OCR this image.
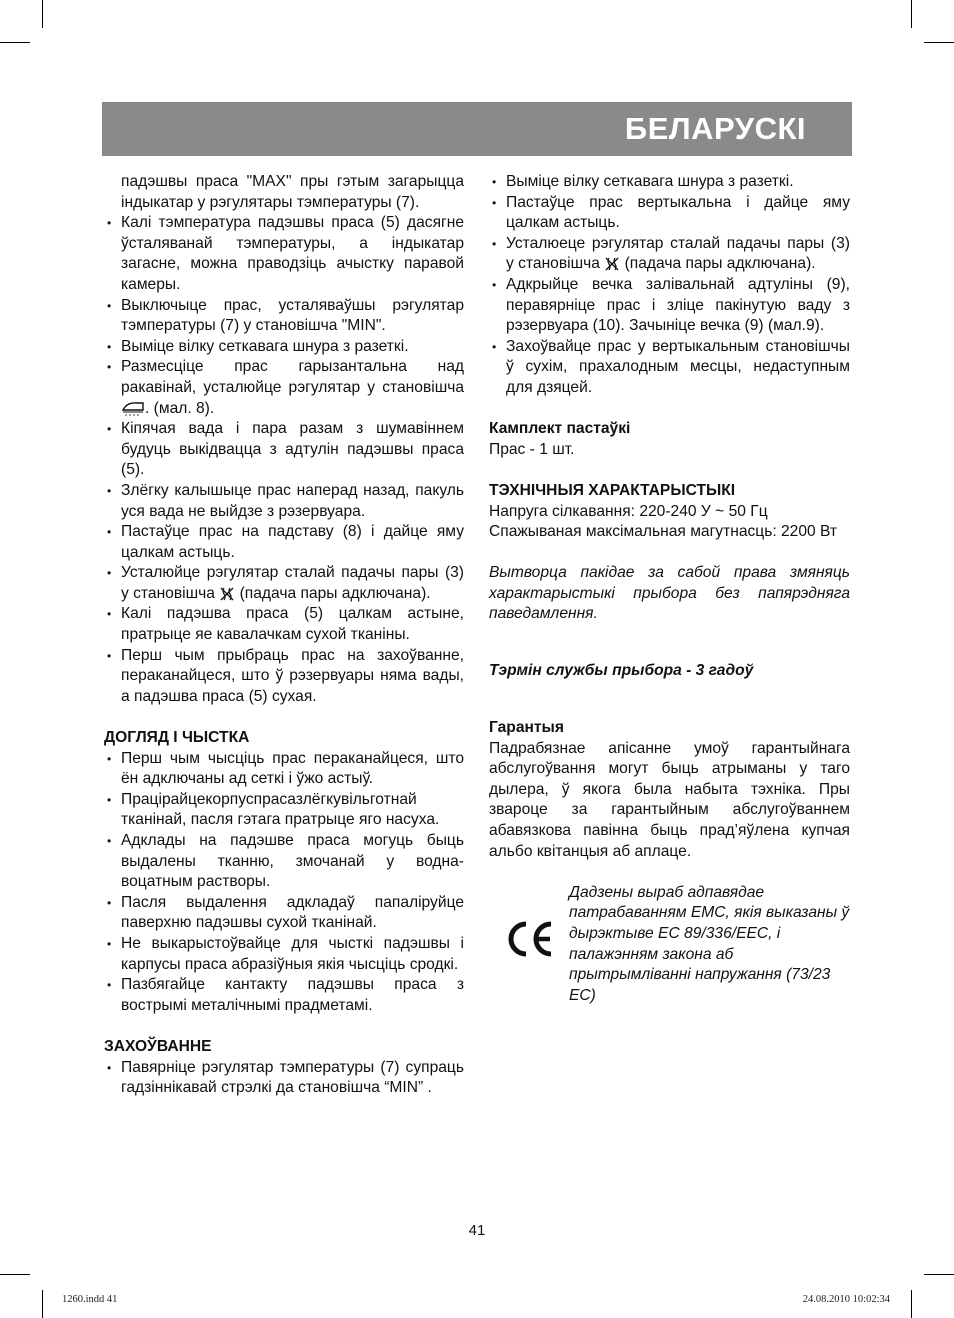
БЕЛАРУСКІ

падэшвы праса "MAX" пры гэтым загарыцца індыкатар у рэгулятары тэмпературы (7).

• Калі тэмпература падэшвы праса (5) дасягне ўсталяванай тэмпературы, а індыкатар загасне, можна праводзіць ачыстку паравой камеры.
• Выключыце прас, усталяваўшы рэгулятар тэмпературы (7) у становішча "MIN".
• Выміце вілку сеткавага шнура з разеткі.
• Размесціце прас гарызантальна над ракавінай, усталюйце рэгулятар у становішча . (мал. 8).
• Кіпячая вада і пара разам з шумавіннем будуць выкідвацца з адтулін падэшвы праса (5).
• Злёгку калышыце прас наперад назад, пакуль уся вада не выйдзе з рэзервуара.
• Пастаўце прас на падставу (8) і дайце яму цалкам астыць.
• Усталюйце рэгулятар сталай падачы пары (3) у становішча (падача пары адключана).
• Калі падэшва праса (5) цалкам астыне, пратрыце яе кавалачкам сухой тканіны.
• Перш чым прыбраць прас на захоўванне, пераканайцеся, што ў рэзервуары няма вады, а падэшва праса (5) сухая.

ДОГЛЯД І ЧЫСТКА

• Перш чым чысціць прас пераканайцеся, што ён адключаны ад сеткі і ўжо астыў.
• Працірайцекорпуспрасазлёгкувільготнай тканінай, пасля гэтага пратрыце яго насуха.
• Адклады на падэшве праса могуць быць выдалены тканню, змочанай у водна-воцатным растворы.
• Пасля выдалення адкладаў папаліруйце паверхню падэшвы сухой тканінай.
• Не выкарыстоўвайце для чысткі падэшвы і карпусы праса абразіўныя якія чысціць сродкі.
• Пазбягайце кантакту падэшвы праса з вострымі металічнымі прадметамі.

ЗАХОЎВАННЕ

• Павярніце рэгулятар тэмпературы (7) супраць гадзіннікавай стрэлкі да становішча “MIN” .
• Выміце вілку сеткавага шнура з разеткі.
• Пастаўце прас вертыкальна і дайце яму цалкам астыць.
• Усталюеце рэгулятар сталай падачы пары (3) у становішча (падача пары адключана).
• Адкрыйце вечка залівальнай адтуліны (9), перавярніце прас і зліце пакінутую ваду з рэзервуара (10). Зачыніце вечка (9) (мал.9).
• Захоўвайце прас у вертыкальным становішчы ў сухім, прахалодным месцы, недаступным для дзяцей.

Камплект пастаўкі

Прас - 1 шт.

ТЭХНІЧНЫЯ ХАРАКТАРЫСТЫКІ

Напруга сілкавання: 220-240 У ~ 50 Гц

Спажываная максімальная магутнасць: 2200 Вт

Вытворца пакідае за сабой права змяняць характарыстыкі прыбора без папярэдняга паведамлення.

Тэрмін службы прыбора - 3 гадоў

Гарантыя

Падрабязнае апісанне умоў гарантыйнага абслугоўвання могут быць атрыманы у таго дылера, ў якога была набыта тэхніка. Пры звароце за гарантыйным абслугоўваннем абавязкова павінна быць прад’яўлена купчая альбо квітанцыя аб аплаце.

Дадзены выраб адпавядае патрабаванням ЕМС, якія выказаны ў дырэктыве ЕС 89/336/ЕЕС, і палажэнням закона аб прытрымліванні напружання (73/23 ЕС)
41
1260.indd 41	24.08.2010 10:02:34
